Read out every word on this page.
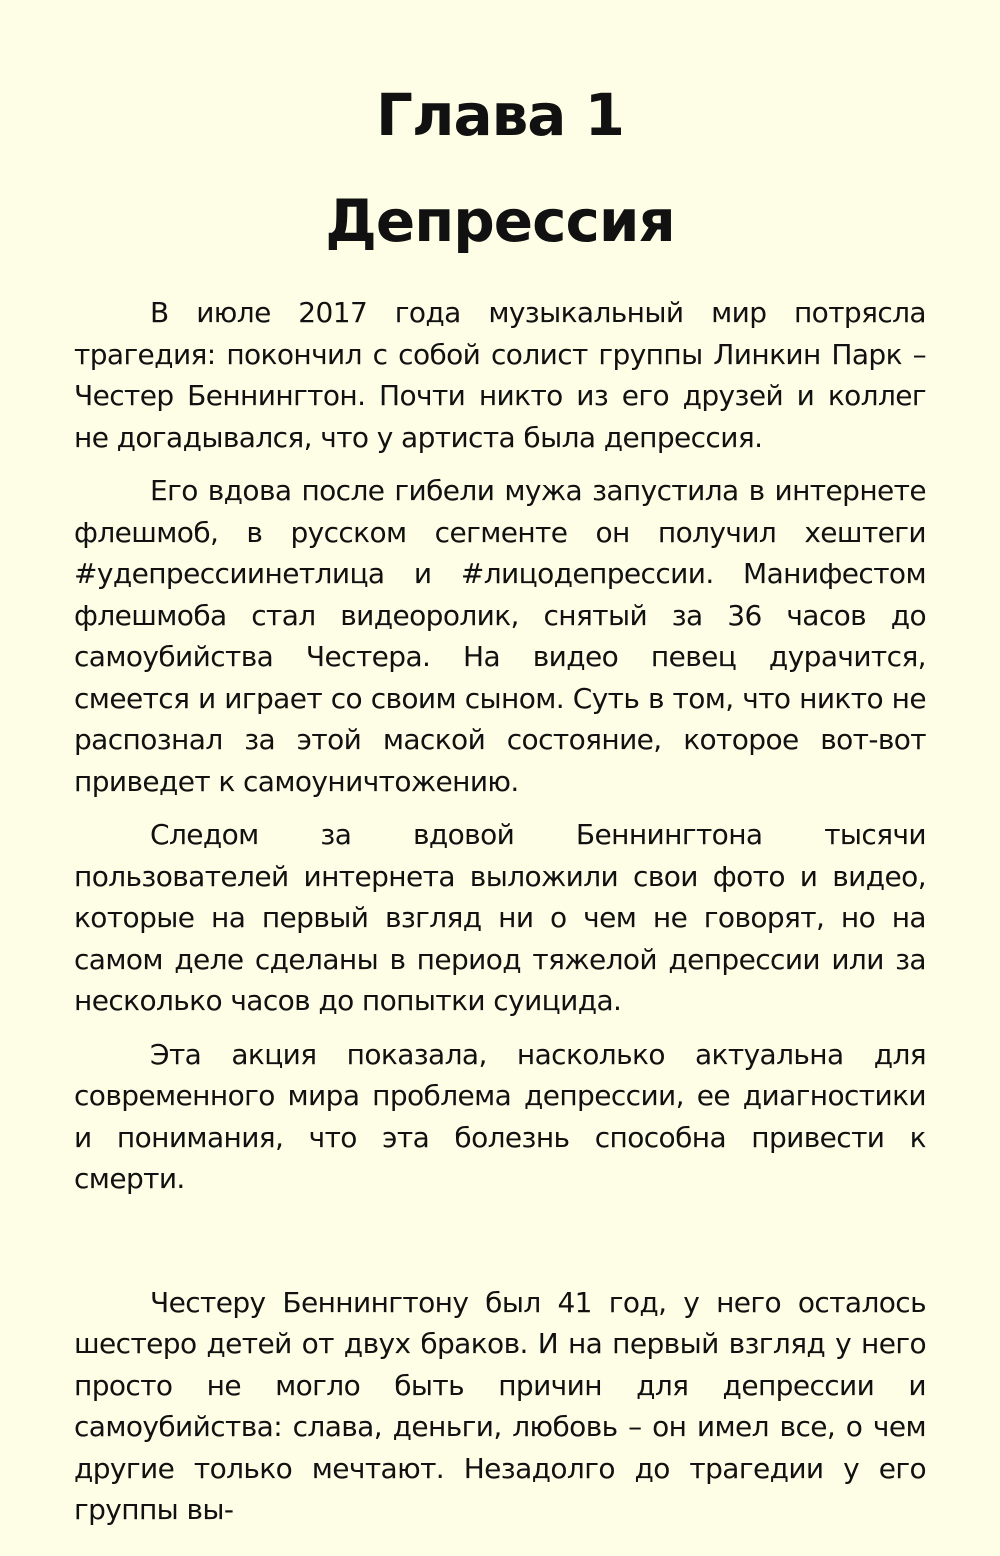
Глава 1
Депрессия

В июле 2017 года музыкальный мир потрясла трагедия: покончил с собой солист группы Линкин Парк – Честер Беннингтон. Почти никто из его друзей и коллег не догадывался, что у артиста была депрессия.

Его вдова после гибели мужа запустила в интернете флешмоб, в русском сегменте он получил хештеги #удепрессиинетлица и #лицодепрессии. Манифестом флешмоба стал видеоролик, снятый за 36 часов до самоубийства Честера. На видео певец дурачится, смеется и играет со своим сыном. Суть в том, что никто не распознал за этой маской состояние, которое вот-вот приведет к самоуничтожению.

Следом за вдовой Беннингтона тысячи пользователей интернета выложили свои фото и видео, которые на первый взгляд ни о чем не говорят, но на самом деле сделаны в период тяжелой депрессии или за несколько часов до попытки суицида.

Эта акция показала, насколько актуальна для современного мира проблема депрессии, ее диагностики и понимания, что эта болезнь способна привести к смерти.

Честеру Беннингтону был 41 год, у него осталось шестеро детей от двух браков. И на первый взгляд у него просто не могло быть причин для депрессии и самоубийства: слава, деньги, любовь – он имел все, о чем другие только мечтают. Незадолго до трагедии у его группы вы-
